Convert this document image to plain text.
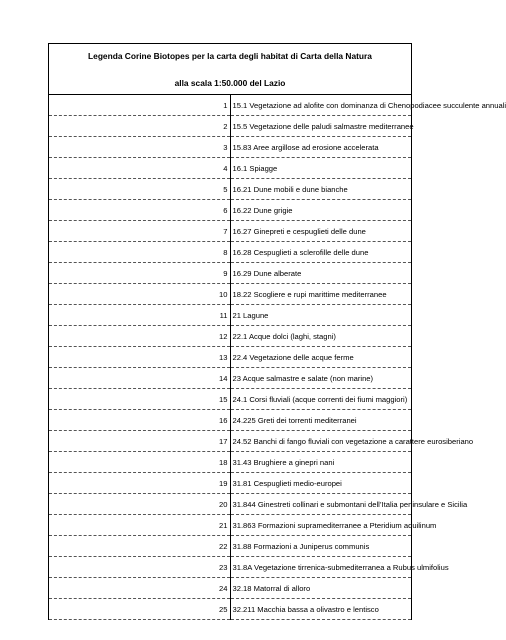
Legenda Corine Biotopes per la carta degli habitat di Carta della Natura
alla scala 1:50.000 del Lazio	

1	15.1 Vegetazione ad alofite con dominanza di Chenopodiacee succulente annuali
2	15.5 Vegetazione delle paludi salmastre mediterranee
3	15.83 Aree argillose ad erosione accelerata
4	16.1 Spiagge
5	16.21 Dune mobili e dune bianche
6	16.22 Dune grigie
7	16.27 Ginepreti e cespuglieti delle dune
8	16.28 Cespuglieti a sclerofille delle dune
9	16.29 Dune alberate
10	18.22 Scogliere e rupi marittime mediterranee
11	21 Lagune
12	22.1 Acque dolci (laghi, stagni)
13	22.4 Vegetazione delle acque ferme
14	23 Acque salmastre e salate (non marine)
15	24.1 Corsi fluviali (acque correnti dei fiumi maggiori)
16	24.225 Greti dei torrenti mediterranei
17	24.52 Banchi di fango fluviali con vegetazione a carattere eurosiberiano
18	31.43 Brughiere a ginepri nani
19	31.81 Cespuglieti medio-europei
20	31.844 Ginestreti collinari e submontani dell’Italia peninsulare e Sicilia
21	31.863 Formazioni supramediterranee a Pteridium aquilinum
22	31.88 Formazioni a Juniperus communis
23	31.8A Vegetazione tirrenica-submediterranea a Rubus ulmifolius
24	32.18 Matorral di alloro
25	32.211 Macchia bassa a olivastro e lentisco
